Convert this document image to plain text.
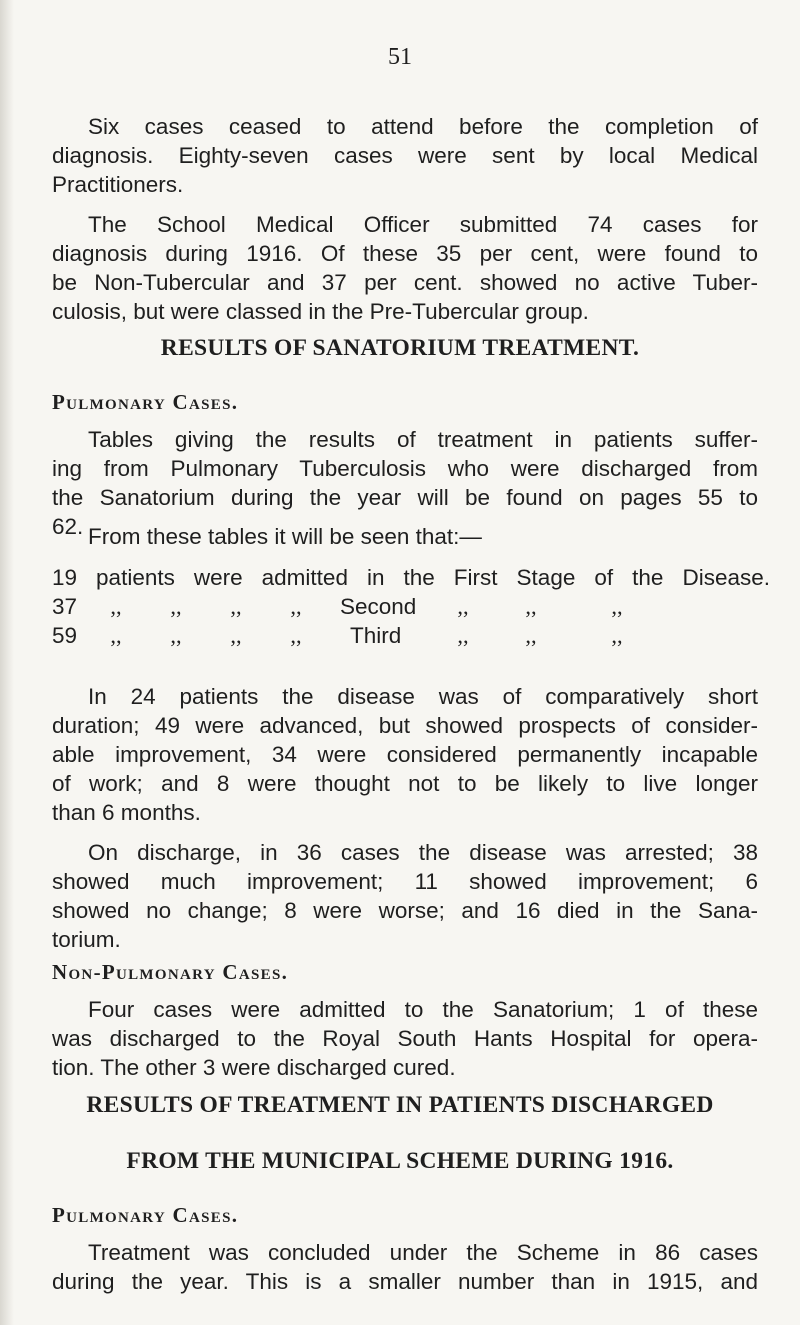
51

Six cases ceased to attend before the completion of
diagnosis. Eighty-seven cases were sent by local Medical
Practitioners.

The School Medical Officer submitted 74 cases for
diagnosis during 1916. Of these 35 per cent, were found to
be Non-Tubercular and 37 per cent. showed no active Tuber-
culosis, but were classed in the Pre-Tubercular group.

RESULTS OF SANATORIUM TREATMENT.
Pulmonary Cases.

Tables giving the results of treatment in patients suffer-
ing from Pulmonary Tuberculosis who were discharged from
the Sanatorium during the year will be found on pages 55 to
62. From these tables it will be seen that:—

19 patients were admitted in the First Stage of the Disease.
37	,,	,,	,,	,,	Second	,,	,,	,,
59	,,	,,	,,	,,	Third	,,	,,	,,

In 24 patients the disease was of comparatively short
duration; 49 were advanced, but showed prospects of consider-
able improvement, 34 were considered permanently incapable
of work; and 8 were thought not to be likely to live longer
than 6 months.

On discharge, in 36 cases the disease was arrested; 38
showed much improvement; 11 showed improvement; 6
showed no change; 8 were worse; and 16 died in the Sana-
torium.

Non-Pulmonary Cases.

Four cases were admitted to the Sanatorium; 1 of these
was discharged to the Royal South Hants Hospital for opera-
tion. The other 3 were discharged cured.

RESULTS OF TREATMENT IN PATIENTS DISCHARGED
FROM THE MUNICIPAL SCHEME DURING 1916.
Pulmonary Cases.

Treatment was concluded under the Scheme in 86 cases
during the year. This is a smaller number than in 1915, and
